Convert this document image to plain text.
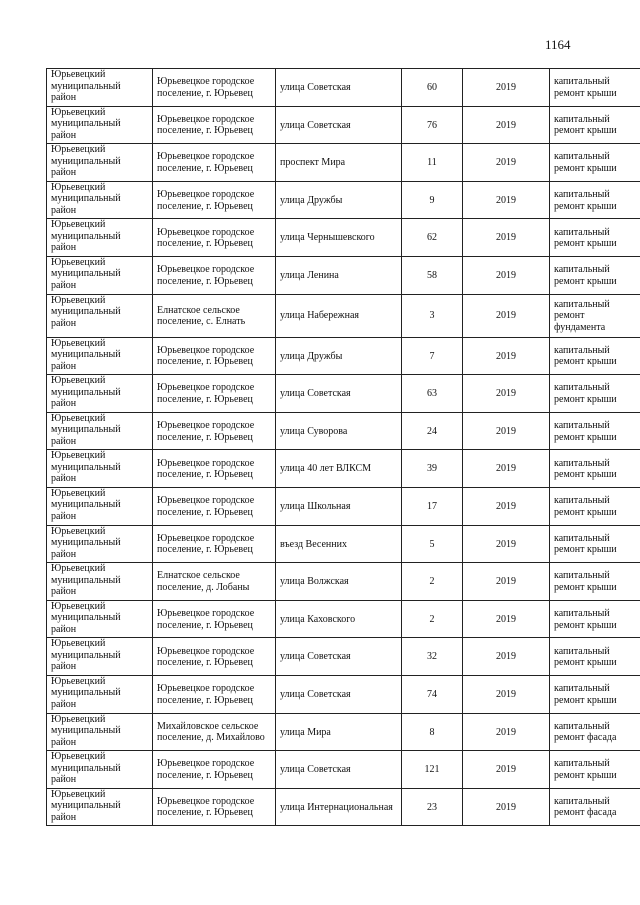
1164
Юрьевецкий муниципальный район	Юрьевецкое городское поселение, г. Юрьевец	улица Советская	60	2019	капитальный ремонт крыши
Юрьевецкий муниципальный район	Юрьевецкое городское поселение, г. Юрьевец	улица Советская	76	2019	капитальный ремонт крыши
Юрьевецкий муниципальный район	Юрьевецкое городское поселение, г. Юрьевец	проспект Мира	11	2019	капитальный ремонт крыши
Юрьевецкий муниципальный район	Юрьевецкое городское поселение, г. Юрьевец	улица Дружбы	9	2019	капитальный ремонт крыши
Юрьевецкий муниципальный район	Юрьевецкое городское поселение, г. Юрьевец	улица Чернышевского	62	2019	капитальный ремонт крыши
Юрьевецкий муниципальный район	Юрьевецкое городское поселение, г. Юрьевец	улица Ленина	58	2019	капитальный ремонт крыши
Юрьевецкий муниципальный район	Елнатское сельское поселение, с. Елнать	улица Набережная	3	2019	капитальный ремонт фундамента
Юрьевецкий муниципальный район	Юрьевецкое городское поселение, г. Юрьевец	улица Дружбы	7	2019	капитальный ремонт крыши
Юрьевецкий муниципальный район	Юрьевецкое городское поселение, г. Юрьевец	улица Советская	63	2019	капитальный ремонт крыши
Юрьевецкий муниципальный район	Юрьевецкое городское поселение, г. Юрьевец	улица Суворова	24	2019	капитальный ремонт крыши
Юрьевецкий муниципальный район	Юрьевецкое городское поселение, г. Юрьевец	улица 40 лет ВЛКСМ	39	2019	капитальный ремонт крыши
Юрьевецкий муниципальный район	Юрьевецкое городское поселение, г. Юрьевец	улица Школьная	17	2019	капитальный ремонт крыши
Юрьевецкий муниципальный район	Юрьевецкое городское поселение, г. Юрьевец	въезд Весенних	5	2019	капитальный ремонт крыши
Юрьевецкий муниципальный район	Елнатское сельское поселение, д. Лобаны	улица Волжская	2	2019	капитальный ремонт крыши
Юрьевецкий муниципальный район	Юрьевецкое городское поселение, г. Юрьевец	улица Каховского	2	2019	капитальный ремонт крыши
Юрьевецкий муниципальный район	Юрьевецкое городское поселение, г. Юрьевец	улица Советская	32	2019	капитальный ремонт крыши
Юрьевецкий муниципальный район	Юрьевецкое городское поселение, г. Юрьевец	улица Советская	74	2019	капитальный ремонт крыши
Юрьевецкий муниципальный район	Михайловское сельское поселение, д. Михайлово	улица Мира	8	2019	капитальный ремонт фасада
Юрьевецкий муниципальный район	Юрьевецкое городское поселение, г. Юрьевец	улица Советская	121	2019	капитальный ремонт крыши
Юрьевецкий муниципальный район	Юрьевецкое городское поселение, г. Юрьевец	улица Интернациональная	23	2019	капитальный ремонт фасада
